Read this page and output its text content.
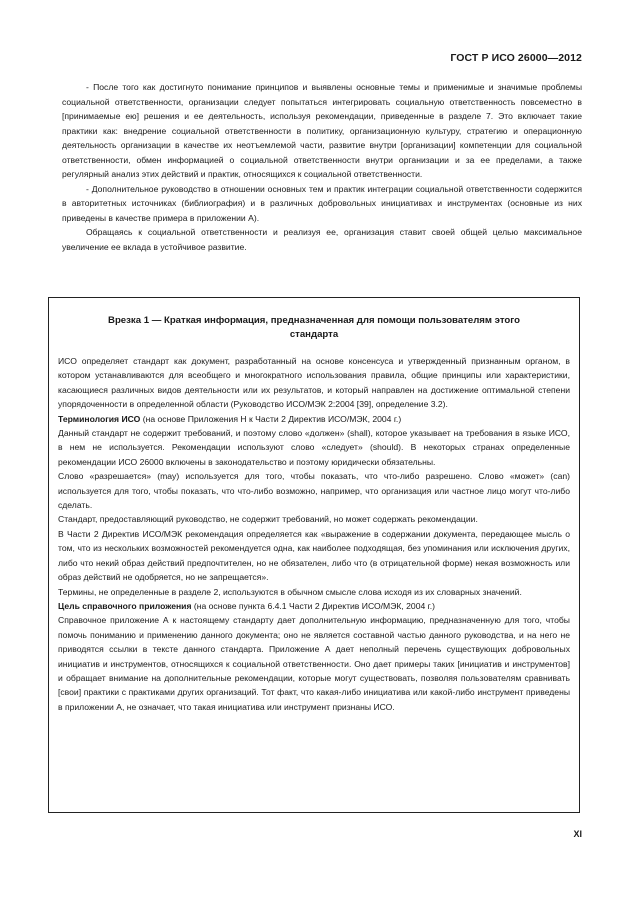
ГОСТ Р ИСО 26000—2012

- После того как достигнуто понимание принципов и выявлены основные темы и применимые и значимые проблемы социальной ответственности, организации следует попытаться интегрировать социальную ответственность повсеместно в [принимаемые ею] решения и ее деятельность, используя рекомендации, приведенные в разделе 7. Это включает такие практики как: внедрение социальной ответственности в политику, организационную культуру, стратегию и операционную деятельность организации в качестве их неотъемлемой части, развитие внутри [организации] компетенции для социальной ответственности, обмен информацией о социальной ответственности внутри организации и за ее пределами, а также регулярный анализ этих действий и практик, относящихся к социальной ответственности.

- Дополнительное руководство в отношении основных тем и практик интеграции социальной ответственности содержится в авторитетных источниках (библиография) и в различных добровольных инициативах и инструментах (основные из них приведены в качестве примера в приложении А).

Обращаясь к социальной ответственности и реализуя ее, организация ставит своей общей целью максимальное увеличение ее вклада в устойчивое развитие.

Врезка 1 — Краткая информация, предназначенная для помощи пользователям этого стандарта

ИСО определяет стандарт как документ, разработанный на основе консенсуса и утвержденный признанным органом, в котором устанавливаются для всеобщего и многократного использования правила, общие принципы или характеристики, касающиеся различных видов деятельности или их результатов, и который направлен на достижение оптимальной степени упорядоченности в определенной области (Руководство ИСО/МЭК 2:2004 [39], определение 3.2).

Терминология ИСО (на основе Приложения Н к Части 2 Директив ИСО/МЭК, 2004 г.)

Данный стандарт не содержит требований, и поэтому слово «должен» (shall), которое указывает на требования в языке ИСО, в нем не используется. Рекомендации используют слово «следует» (should). В некоторых странах определенные рекомендации ИСО 26000 включены в законодательство и поэтому юридически обязательны.

Слово «разрешается» (may) используется для того, чтобы показать, что что-либо разрешено. Слово «может» (can) используется для того, чтобы показать, что что-либо возможно, например, что организация или частное лицо могут что-либо сделать.

Стандарт, предоставляющий руководство, не содержит требований, но может содержать рекомендации.

В Части 2 Директив ИСО/МЭК рекомендация определяется как «выражение в содержании документа, передающее мысль о том, что из нескольких возможностей рекомендуется одна, как наиболее подходящая, без упоминания или исключения других, либо что некий образ действий предпочтителен, но не обязателен, либо что (в отрицательной форме) некая возможность или образ действий не одобряется, но не запрещается».

Термины, не определенные в разделе 2, используются в обычном смысле слова исходя из их словарных значений.

Цель справочного приложения (на основе пункта 6.4.1 Части 2 Директив ИСО/МЭК, 2004 г.)

Справочное приложение А к настоящему стандарту дает дополнительную информацию, предназначенную для того, чтобы помочь пониманию и применению данного документа; оно не является составной частью данного руководства, и на него не приводятся ссылки в тексте данного стандарта. Приложение А дает неполный перечень существующих добровольных инициатив и инструментов, относящихся к социальной ответственности. Оно дает примеры таких [инициатив и инструментов] и обращает внимание на дополнительные рекомендации, которые могут существовать, позволяя пользователям сравнивать [свои] практики с практиками других организаций. Тот факт, что какая-либо инициатива или какой-либо инструмент приведены в приложении А, не означает, что такая инициатива или инструмент признаны ИСО.

XI
